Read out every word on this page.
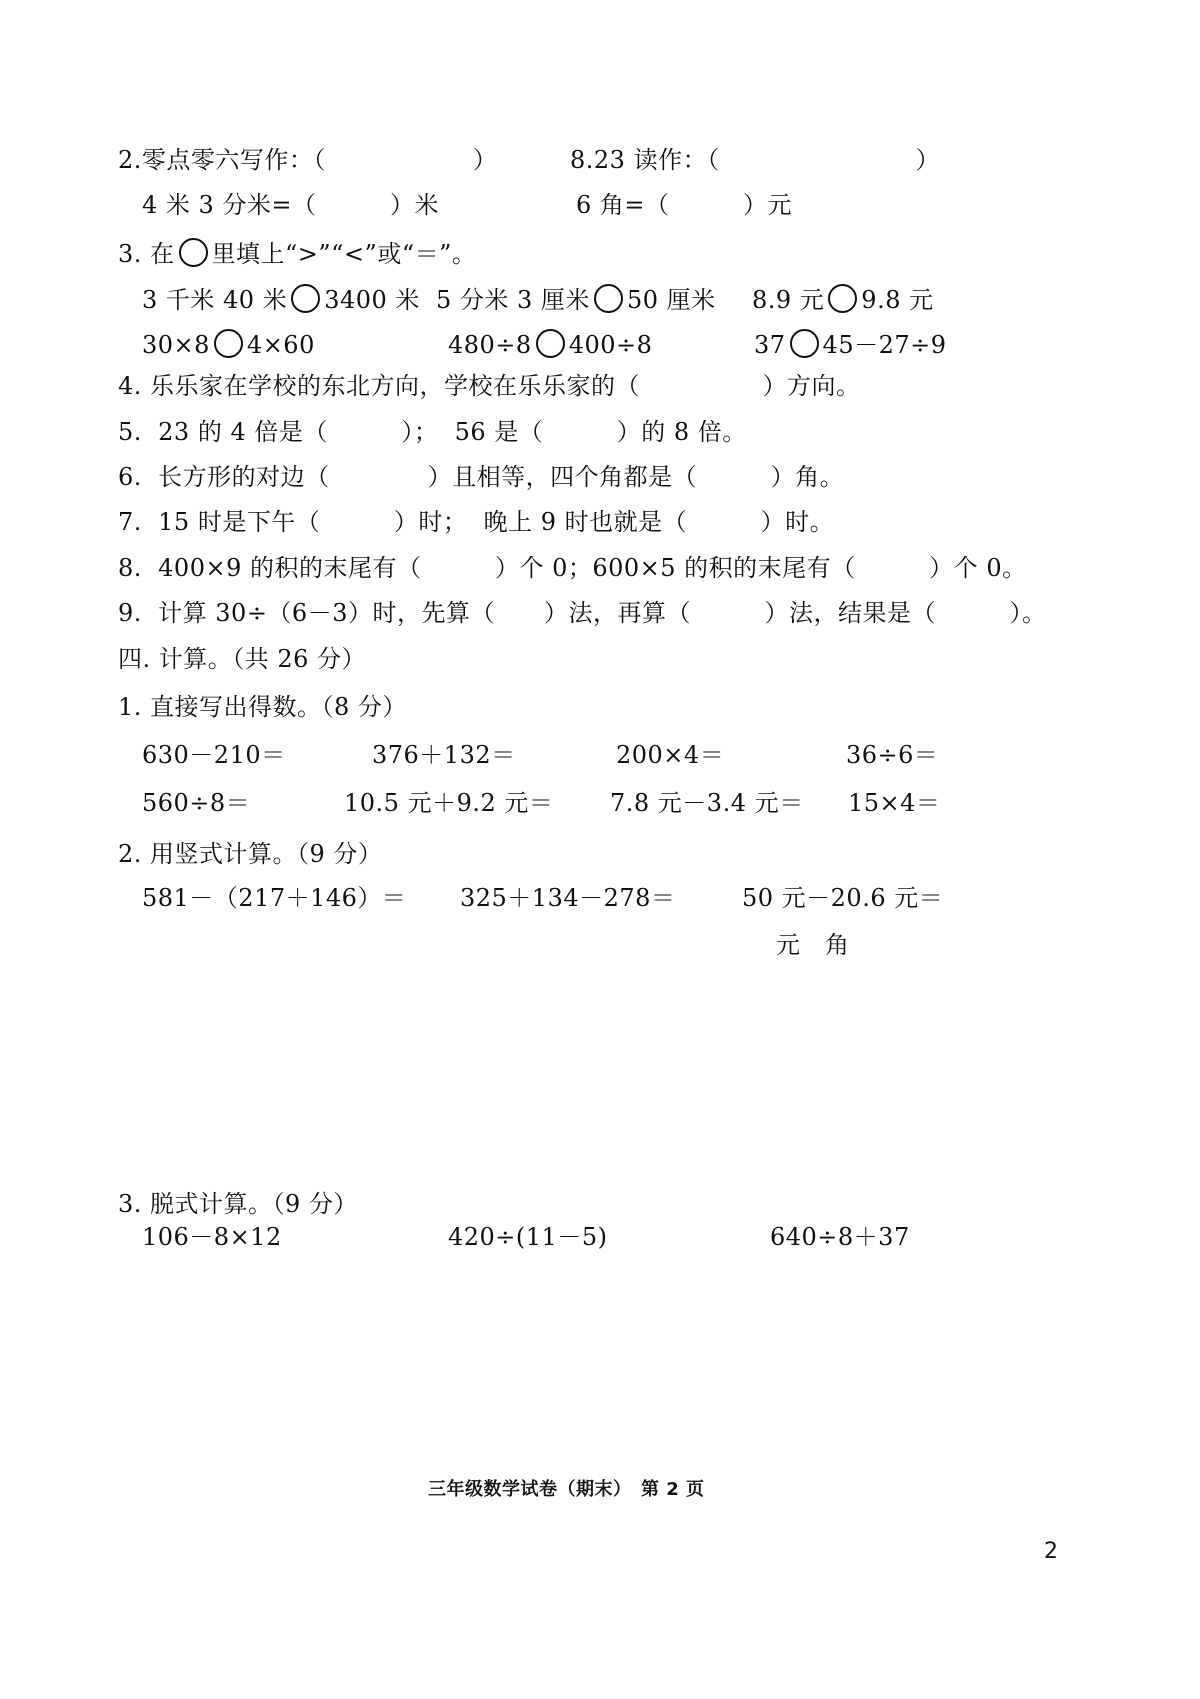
2.零点零六写作：（　　　　　　）	8.23 读作：（　　　　　　　　）
4 米 3 分米=（　　　）米	6 角=（　　　）元
3. 在 里填上“>”“<”或“＝”。
3 千米 40 米 3400 米 5 分米 3 厘米 50 厘米 8.9 元 9.8 元
30×8 4×60	480÷8 400÷8	37 45－27÷9
4. 乐乐家在学校的东北方向，学校在乐乐家的（　　　　　）方向。
5.  23 的 4 倍是（　　　）；  56 是（　　　）的 8 倍。
6.  长方形的对边（　　　　）且相等，四个角都是（　　　）角。
7.  15 时是下午（　　　）时；  晚上 9 时也就是（　　　）时。
8.  400×9 的积的末尾有（　　　）个 0；600×5 的积的末尾有（　　　）个 0。
9.  计算 30÷（6－3）时，先算（　　）法，再算（　　　）法，结果是（　　　）。
四. 计算。（共 26 分）
1. 直接写出得数。（8 分）
630－210＝	376＋132＝	200×4＝	36÷6＝
560÷8＝	10.5 元＋9.2 元＝ 7.8 元－3.4 元＝ 15×4＝
2. 用竖式计算。（9 分）
581－（217＋146）＝ 325＋134－278＝	50 元－20.6 元＝
元　角
3. 脱式计算。（9 分）
106－8×12	420÷(11－5)	640÷8＋37
三年级数学试卷（期末）　第 2 页
2
